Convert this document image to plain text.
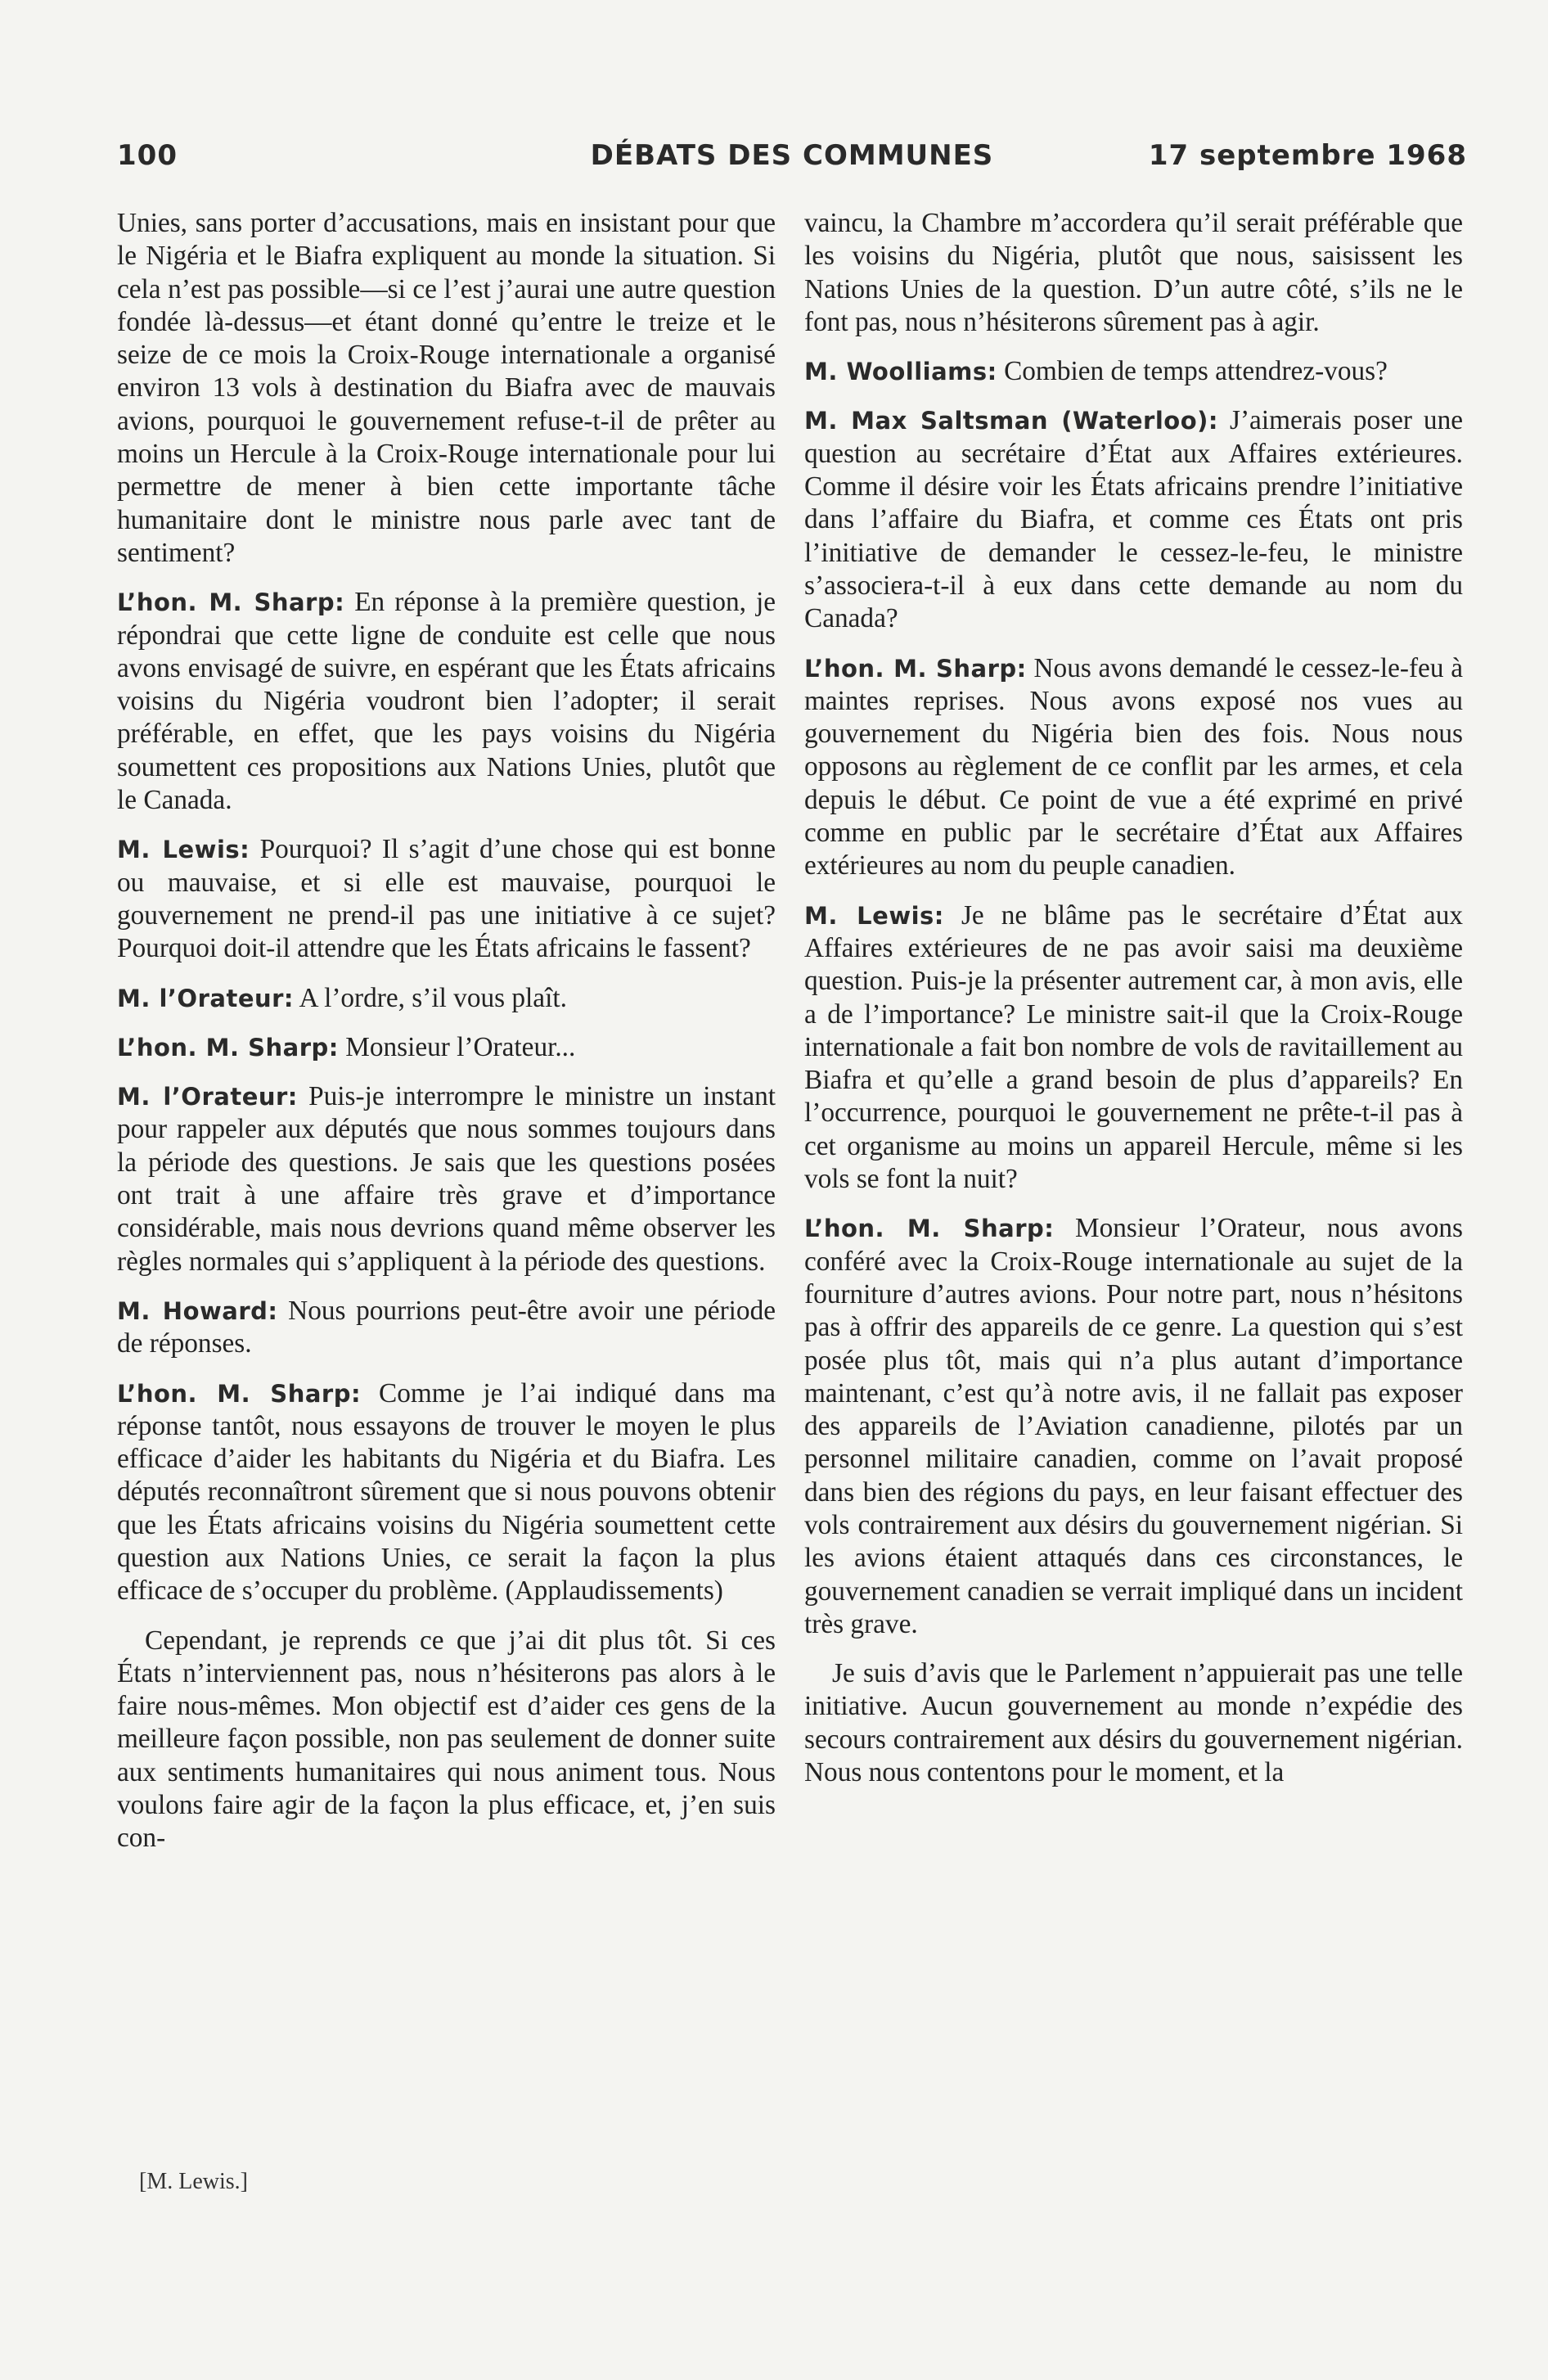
100	DÉBATS DES COMMUNES	17 septembre 1968

Unies, sans porter d’accusations, mais en insistant pour que le Nigéria et le Biafra expliquent au monde la situation. Si cela n’est pas possible—si ce l’est j’aurai une autre question fondée là-dessus—et étant donné qu’entre le treize et le seize de ce mois la Croix-Rouge internationale a organisé environ 13 vols à destination du Biafra avec de mauvais avions, pourquoi le gouvernement refuse-t-il de prêter au moins un Hercule à la Croix-Rouge internationale pour lui permettre de mener à bien cette importante tâche humanitaire dont le ministre nous parle avec tant de sentiment?

L’hon. M. Sharp: En réponse à la première question, je répondrai que cette ligne de conduite est celle que nous avons envisagé de suivre, en espérant que les États africains voisins du Nigéria voudront bien l’adopter; il serait préférable, en effet, que les pays voisins du Nigéria soumettent ces propositions aux Nations Unies, plutôt que le Canada.

M. Lewis: Pourquoi? Il s’agit d’une chose qui est bonne ou mauvaise, et si elle est mauvaise, pourquoi le gouvernement ne prend-il pas une initiative à ce sujet? Pourquoi doit-il attendre que les États africains le fassent?

M. l’Orateur: A l’ordre, s’il vous plaît.

L’hon. M. Sharp: Monsieur l’Orateur...

M. l’Orateur: Puis-je interrompre le ministre un instant pour rappeler aux députés que nous sommes toujours dans la période des questions. Je sais que les questions posées ont trait à une affaire très grave et d’importance considérable, mais nous devrions quand même observer les règles normales qui s’appliquent à la période des questions.

M. Howard: Nous pourrions peut-être avoir une période de réponses.

L’hon. M. Sharp: Comme je l’ai indiqué dans ma réponse tantôt, nous essayons de trouver le moyen le plus efficace d’aider les habitants du Nigéria et du Biafra. Les députés reconnaîtront sûrement que si nous pouvons obtenir que les États africains voisins du Nigéria soumettent cette question aux Nations Unies, ce serait la façon la plus efficace de s’occuper du problème. (Applaudissements)

Cependant, je reprends ce que j’ai dit plus tôt. Si ces États n’interviennent pas, nous n’hésiterons pas alors à le faire nous-mêmes. Mon objectif est d’aider ces gens de la meilleure façon possible, non pas seulement de donner suite aux sentiments humanitaires qui nous animent tous. Nous voulons faire agir de la façon la plus efficace, et, j’en suis con-

vaincu, la Chambre m’accordera qu’il serait préférable que les voisins du Nigéria, plutôt que nous, saisissent les Nations Unies de la question. D’un autre côté, s’ils ne le font pas, nous n’hésiterons sûrement pas à agir.

M. Woolliams: Combien de temps attendrez-vous?

M. Max Saltsman (Waterloo): J’aimerais poser une question au secrétaire d’État aux Affaires extérieures. Comme il désire voir les États africains prendre l’initiative dans l’affaire du Biafra, et comme ces États ont pris l’initiative de demander le cessez-le-feu, le ministre s’associera-t-il à eux dans cette demande au nom du Canada?

L’hon. M. Sharp: Nous avons demandé le cessez-le-feu à maintes reprises. Nous avons exposé nos vues au gouvernement du Nigéria bien des fois. Nous nous opposons au règlement de ce conflit par les armes, et cela depuis le début. Ce point de vue a été exprimé en privé comme en public par le secrétaire d’État aux Affaires extérieures au nom du peuple canadien.

M. Lewis: Je ne blâme pas le secrétaire d’État aux Affaires extérieures de ne pas avoir saisi ma deuxième question. Puis-je la présenter autrement car, à mon avis, elle a de l’importance? Le ministre sait-il que la Croix-Rouge internationale a fait bon nombre de vols de ravitaillement au Biafra et qu’elle a grand besoin de plus d’appareils? En l’occurrence, pourquoi le gouvernement ne prête-t-il pas à cet organisme au moins un appareil Hercule, même si les vols se font la nuit?

L’hon. M. Sharp: Monsieur l’Orateur, nous avons conféré avec la Croix-Rouge internationale au sujet de la fourniture d’autres avions. Pour notre part, nous n’hésitons pas à offrir des appareils de ce genre. La question qui s’est posée plus tôt, mais qui n’a plus autant d’importance maintenant, c’est qu’à notre avis, il ne fallait pas exposer des appareils de l’Aviation canadienne, pilotés par un personnel militaire canadien, comme on l’avait proposé dans bien des régions du pays, en leur faisant effectuer des vols contrairement aux désirs du gouvernement nigérian. Si les avions étaient attaqués dans ces circonstances, le gouvernement canadien se verrait impliqué dans un incident très grave.

Je suis d’avis que le Parlement n’appuierait pas une telle initiative. Aucun gouvernement au monde n’expédie des secours contrairement aux désirs du gouvernement nigérian. Nous nous contentons pour le moment, et la

[M. Lewis.]
